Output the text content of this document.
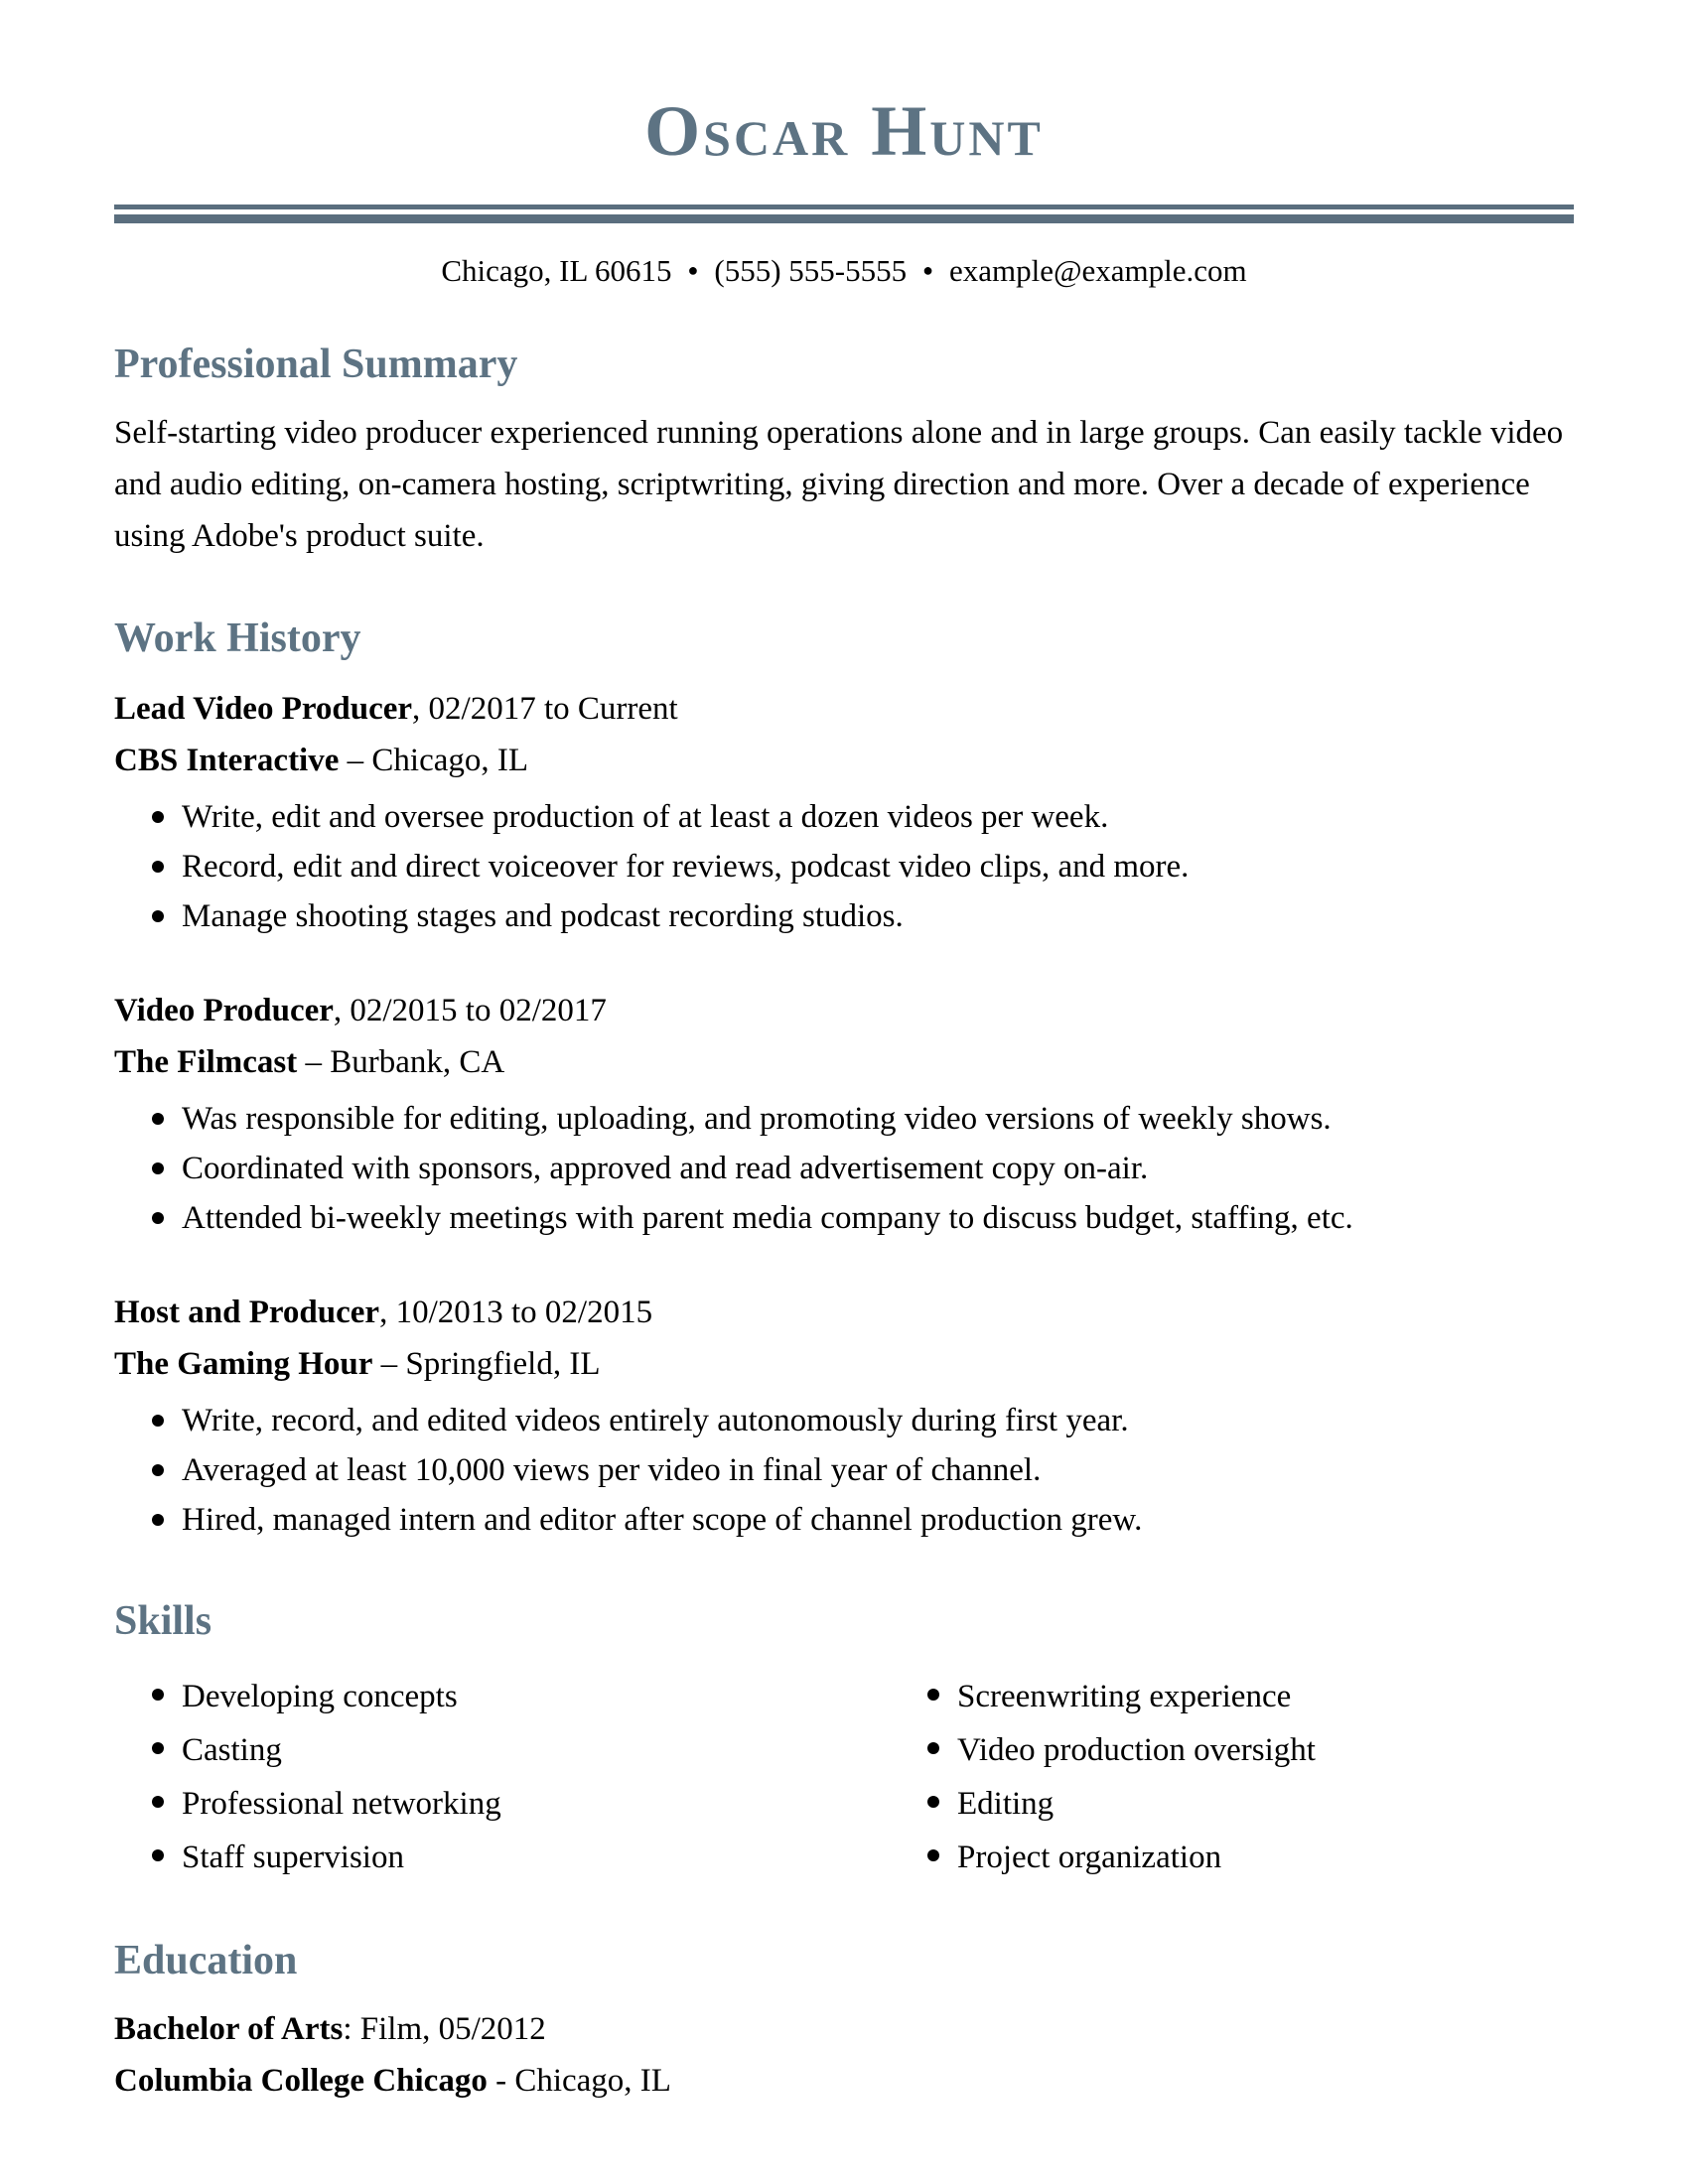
Oscar Hunt
Chicago, IL 60615 ● (555) 555-5555 ● example@example.com
Professional Summary

Self-starting video producer experienced running operations alone and in large groups. Can easily tackle video and audio editing, on-camera hosting, scriptwriting, giving direction and more. Over a decade of experience using Adobe's product suite.

Work History
Lead Video Producer, 02/2017 to Current
CBS Interactive – Chicago, IL
Write, edit and oversee production of at least a dozen videos per week.
Record, edit and direct voiceover for reviews, podcast video clips, and more.
Manage shooting stages and podcast recording studios.
Video Producer, 02/2015 to 02/2017
The Filmcast – Burbank, CA
Was responsible for editing, uploading, and promoting video versions of weekly shows.
Coordinated with sponsors, approved and read advertisement copy on-air.
Attended bi-weekly meetings with parent media company to discuss budget, staffing, etc.
Host and Producer, 10/2013 to 02/2015
The Gaming Hour – Springfield, IL
Write, record, and edited videos entirely autonomously during first year.
Averaged at least 10,000 views per video in final year of channel.
Hired, managed intern and editor after scope of channel production grew.
Skills
Developing concepts
Casting
Professional networking
Staff supervision
Screenwriting experience
Video production oversight
Editing
Project organization
Education
Bachelor of Arts: Film, 05/2012
Columbia College Chicago - Chicago, IL
